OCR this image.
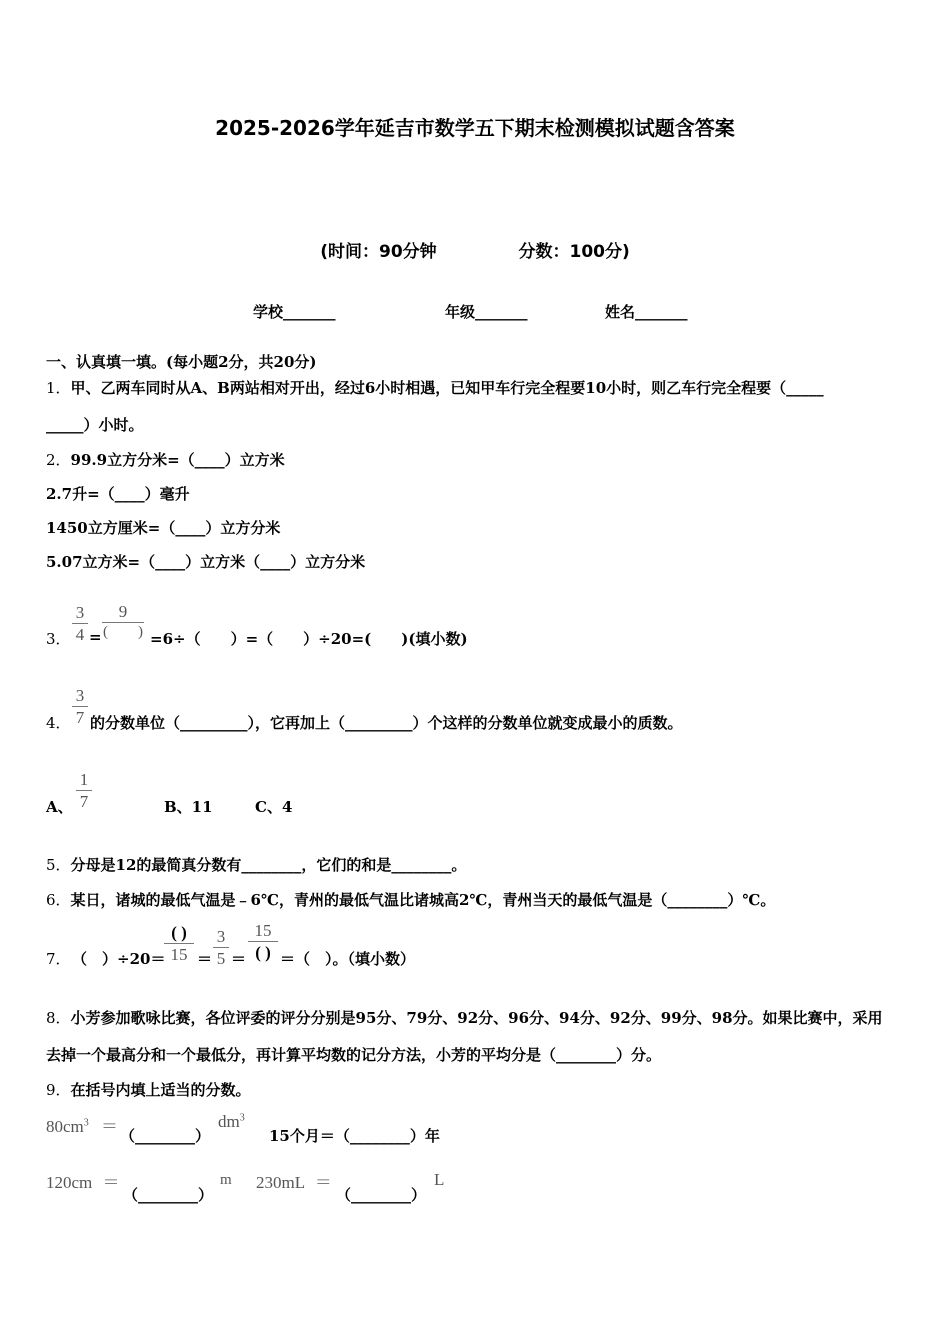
2025-2026学年延吉市数学五下期末检测模拟试题含答案
(时间：90分钟	分数：100分)
学校_______	年级_______	姓名_______
一、认真填一填。(每小题2分，共20分)
1．甲、乙两车同时从A、B两站相对开出，经过6小时相遇，已知甲车行完全程要10小时，则乙车行完全程要（_____
_____）小时。
2．99.9立方分米=（____）立方米
2.7升=（____）毫升
1450立方厘米=（____）立方分米
5.07立方米=（____）立方米（____）立方分米
3．
3
4 =
9
(　　) =6÷（　　）=（　　）÷20=(　　)(填小数)
4．
3
7 的分数单位（_________），它再加上（_________）个这样的分数单位就变成最小的质数。
A、
1
7	B、11	C、4
5．分母是12的最简真分数有________，它们的和是________。
6．某日，诸城的最低气温是﹣6℃，青州的最低气温比诸城高2℃，青州当天的最低气温是（________）℃。
7． （　）÷20＝
( )
15 ＝
3
5 ＝
15
( ) ＝（　）。（填小数）
8．小芳参加歌咏比赛，各位评委的评分分别是95分、79分、92分、96分、94分、92分、99分、98分。如果比赛中，采用
去掉一个最高分和一个最低分，再计算平均数的记分方法，小芳的平均分是（________）分。
9．在括号内填上适当的分数。
$80cm^3$ ＝ （________）
$dm^3$
15个月＝（________）年
120cm ＝
（________）
m 230mL ＝
（________）
L
